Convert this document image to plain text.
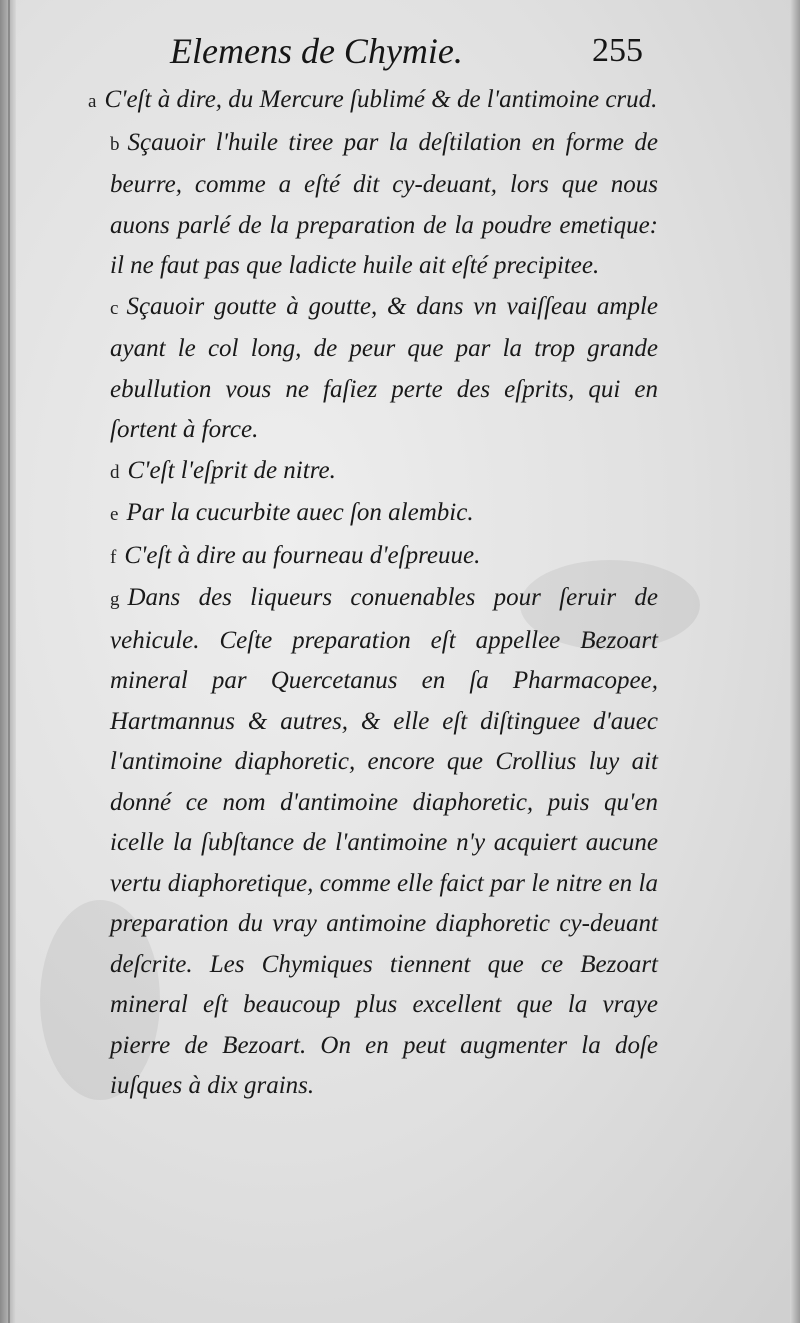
Elemens de Chymie.	255

a C'eſt à dire, du Mercure ſublimé & de l'antimoine crud.

b Sçauoir l'huile tiree par la deſtilation en forme de beurre, comme a eſté dit cy-deuant, lors que nous auons parlé de la preparation de la poudre emetique: il ne faut pas que ladicte huile ait eſté precipitee.

c Sçauoir goutte à goutte, & dans vn vaiſſeau ample ayant le col long, de peur que par la trop grande ebullution vous ne faſiez perte des eſprits, qui en ſortent à force.

d C'eſt l'eſprit de nitre.

e Par la cucurbite auec ſon alembic.

f C'eſt à dire au fourneau d'eſpreuue.

g Dans des liqueurs conuenables pour ſeruir de vehicule. Ceſte preparation eſt appellee Bezoart mineral par Quercetanus en ſa Pharmacopee, Hartmannus & autres, & elle eſt diſtinguee d'auec l'antimoine diaphoretic, encore que Crollius luy ait donné ce nom d'antimoine diaphoretic, puis qu'en icelle la ſubſtance de l'antimoine n'y acquiert aucune vertu diaphoretique, comme elle faict par le nitre en la preparation du vray antimoine diaphoretic cy-deuant deſcrite. Les Chymiques tiennent que ce Bezoart mineral eſt beaucoup plus excellent que la vraye pierre de Bezoart. On en peut augmenter la doſe iuſques à dix grains.
